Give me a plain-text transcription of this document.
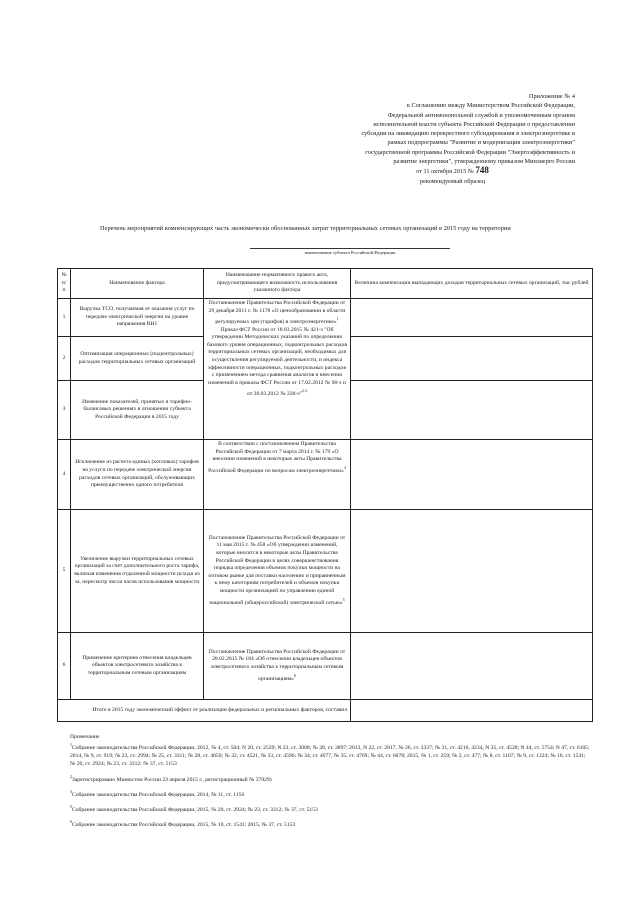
Приложение № 4
к Соглашению между Министерством Российской Федерации,
Федеральной антимонопольной службой и уполномоченным органом
исполнительной власти субъекта Российской Федерации о предоставлении
субсидии на ликвидацию перекрестного субсидирования в электроэнергетике в
рамках подпрограммы "Развитие и модернизация электроэнергетики"
государственной программы Российской Федерации "Энергоэффективность и
развитие энергетики", утвержденному приказом Минэнерго России
от 11 октября 2015 № 748
рекомендуемый образец
Перечень мероприятий компенсирующих часть экономически обоснованных затрат территориальных сетевых организаций в 2015 году на территории
наименование субъекта Российской Федерации
№ п/п	Наименование фактора	Наименование нормативного правого акта, предусматривающего возможность использования указанного фактора	Величина компенсации выпадающих доходов территориальных сетевых организаций, тыс рублей
1	Выручка ТСО, получаемая от оказания услуг по передаче электрической энергии на уровне напряжения ВН1	Постановление Правительства Российской Федерации от 29 декабря 2011 г. № 1178 «О ценообразовании в области регулируемых цен (тарифов) в электроэнергетике»$^1$ Приказ ФСТ России от 18.03.2015 № 421-э "Об утверждении Методических указаний по определению базового уровня операционных, подконтрольных расходов территориальных сетевых организаций, необходимых для осуществления регулируемой деятельности, и индекса эффективности операционных, подконтрольных расходов с применением метода сравнения аналогов и внесении изменений в приказы ФСТ России от 17.02.2012 № 98-э и от 30.03.2012 № 228-э"$^{2,3}$	
2	Оптимизация операционных (подконтрольных) расходов территориальных сетевых организаций		
3	Изменение показателей, принятых в тарифно-балансовых решениях в отношении субъекта Российской Федерации в 2015 году		
4	Исключение из расчета единых (котловых) тарифов на услуги по передаче электрической энергии расходов сетевых организаций, обслуживающих преимущественно одного потребителя	В соответствии с постановлением Правительства Российской Федерации от 7 марта 2014 г. № 179 «О внесении изменений в некоторые акты Правительства Российской Федерации по вопросам электроэнергетики»$^4$	
5	Увеличение выручки территориальных сетевых организаций за счет дополнительного роста тарифа, включая изменения отдаленной мощности исходя из за, пересмотр числа часов использования мощности	Постановление Правительства Российской Федерации от 11 мая 2015 г. № 458 «Об утверждении изменений, которые вносятся в некоторые акты Правительства Российской Федерации в целях совершенствования порядка определения объемов покупки мощности на оптовом рынке для поставки населению и приравненным к нему категориям потребителей и объемов покупки мощности организацией по управлению единой национальной (общероссийской) электрической сетью»$^5$	
6	Применение критериев отнесения владельцев объектов электросетевого хозяйства к территориальным сетевым организациям	Постановление Правительства Российской Федерации от 28.02.2015 № 184 «Об отнесении владельцев объектов электросетевого хозяйства к территориальным сетевым организациям»$^6$	
Итого в 2015 году экономический эффект от реализации федеральных и региональных факторов, составил			

Примечание

$^1$Собрание законодательства Российской Федерации, 2012, № 4, ст. 504; N 20, ст. 2539; N 23, ст. 3008; № 28, ст. 3897; 2013, N 22, ст. 2817, № 26, ст. 3337; № 31, ст. 4216, 4234, N 35, ст. 4528; N 44, ст. 5754; N 47, ст. 6105; 2014, № 9, ст. 919; № 23, ст. 2994; № 25, ст. 3311; № 28, ст. 4050; № 32, ст. 4521, № 33, ст. 4596; № 34, ст. 4677, № 35, ст. 4769; № 44, ст. 6078; 2015, № 1, ст. 259; № 2, ст. 477; № 8, ст. 1167; № 9, ст. 1324; № 10, ст. 1541; № 20, ст. 2924; № 23, ст. 3312; № 37, ст. 5153

$^2$Зарегистрировано Минюстом России 23 апреля 2015 г., регистрационный № 37029)

$^3$Собрание законодательства Российской Федерации, 2014, № 11, ст. 1156

$^5$Собрание законодательства Российской Федерации, 2015, № 20, ст. 2924; № 23, ст. 3312; № 37, ст. 5153

$^6$Собрание законодательства Российской Федерации, 2015, № 10, ст. 1541; 2015, № 37, ст. 5153
